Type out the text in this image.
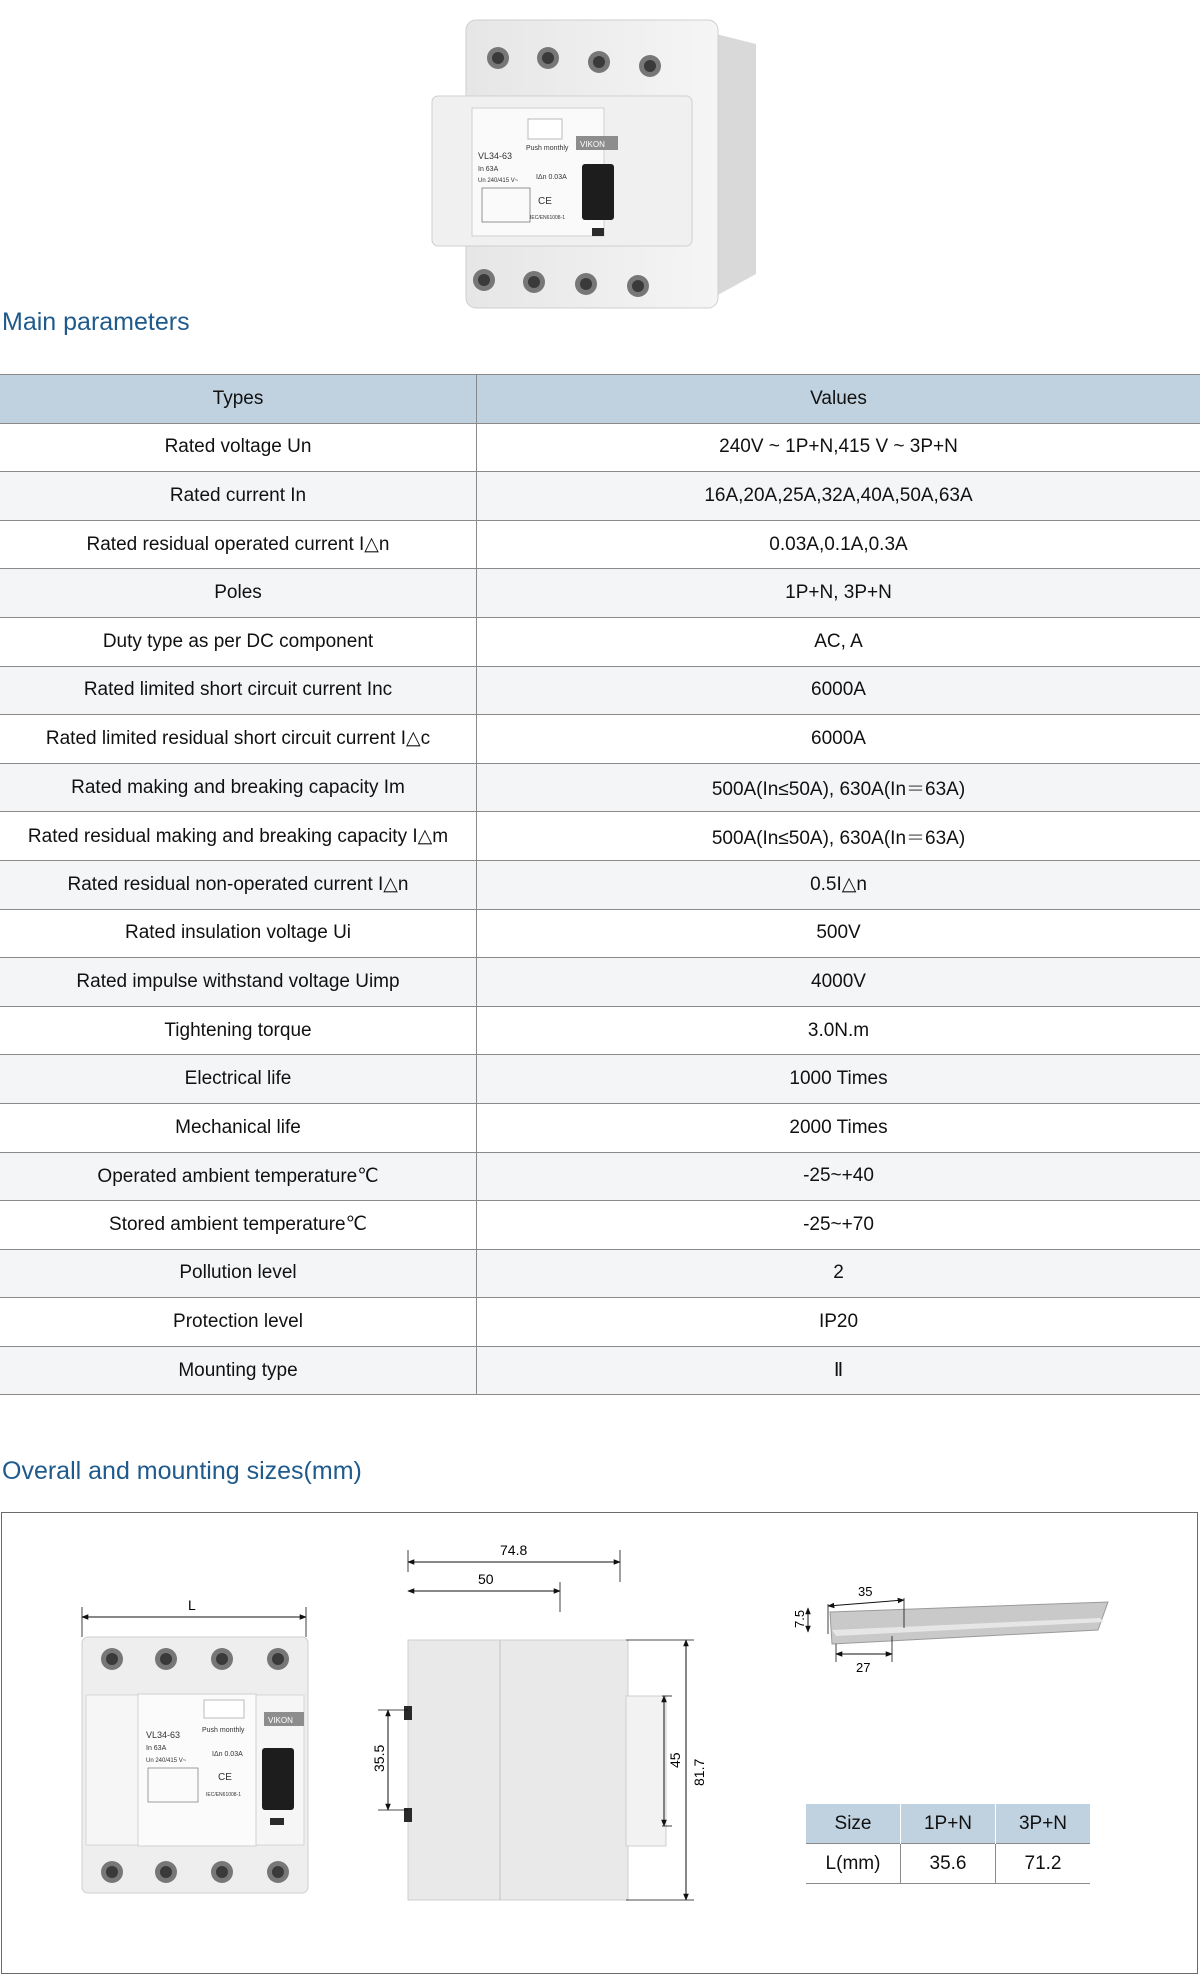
VL34-63
In 63A
Un 240/415 V~
Push monthly
IΔn 0.03A
CE
IEC/EN61008-1
VIKON
Main parameters
Types	Values
Rated voltage Un	240V ~ 1P+N,415 V ~ 3P+N
Rated current In	16A,20A,25A,32A,40A,50A,63A
Rated residual operated current I△n	0.03A,0.1A,0.3A
Poles	1P+N, 3P+N
Duty type as per DC component	AC, A
Rated limited short circuit current Inc	6000A
Rated limited residual short circuit current I△c	6000A
Rated making and breaking capacity Im	500A(In≤50A), 630A(In＝63A)
Rated residual making and breaking capacity I△m	500A(In≤50A), 630A(In＝63A)
Rated residual non-operated current I△n	0.5I△n
Rated insulation voltage Ui	500V
Rated impulse withstand voltage Uimp	4000V
Tightening torque	3.0N.m
Electrical life	1000 Times
Mechanical life	2000 Times
Operated ambient temperature℃	-25~+40
Stored ambient temperature℃	-25~+70
Pollution level	2
Protection level	IP20
Mounting type	Ⅱ
Overall and mounting sizes(mm)
L
VL34-63
In 63A
Un 240/415 V~
Push monthly
IΔn 0.03A
CE
IEC/EN61008-1
VIKON
74.8
50
35.5	45 81.7
35
7.5
27
Size	1P+N	3P+N
L(mm)	35.6	71.2
